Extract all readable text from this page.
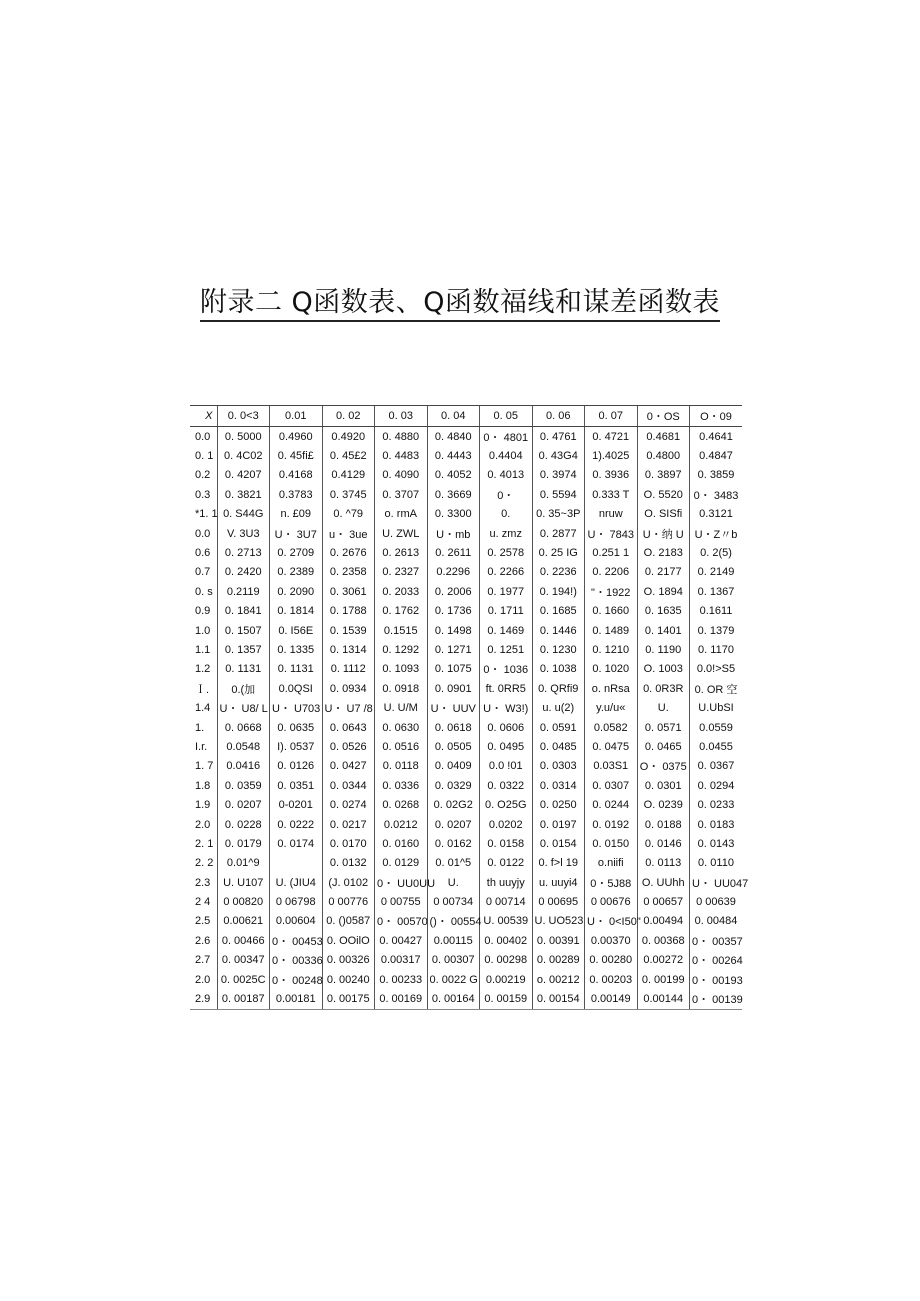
附录二 Q函数表、Q函数福线和谋差函数表
X	0. 0<3	0.01	0. 02	0. 03	0. 04	0. 05	0. 06	0. 07	0・OS	O・09
0.0	0. 5000	0.4960	0.4920	0. 4880	0. 4840	0・ 4801	0. 4761	0. 4721	0.4681	0.4641
0. 1	0. 4C02	0. 45fi£	0. 45£2	0. 4483	0. 4443	0.4404	0. 43G4	1).4025	0.4800	0.4847
0.2	0. 4207	0.4168	0.4129	0. 4090	0. 4052	0. 4013	0. 3974	0. 3936	0. 3897	0. 3859
0.3	0. 3821	0.3783	0. 3745	0. 3707	0. 3669	0・	0. 5594	0.333 T	O. 5520	0・ 3483
*1. 1	0. S44G	n. £09	0. ^79	o. rmA	0. 3300	0.	0. 35~3P	nruw	O. SISfi	0.3121
0.0	V. 3U3	U・ 3U7	u・ 3ue	U. ZWL	U・mb	u. zmz	0. 2877	U・ 7843	U・纳 U	U・Z〃b
0.6	0. 2713	0. 2709	0. 2676	0. 2613	0. 2611	0. 2578	0. 25 IG	0.251 1	O. 2183	0. 2(5)
0.7	0. 2420	0. 2389	0. 2358	0. 2327	0.2296	0. 2266	0. 2236	0. 2206	0. 2177	0. 2149
0. s	0.2119	0. 2090	0. 3061	0. 2033	0. 2006	0. 1977	0. 194!)	"・1922	O. 1894	0. 1367
0.9	0. 1841	0. 1814	0. 1788	0. 1762	0. 1736	0. 1711	0. 1685	0. 1660	0. 1635	0.1611
1.0	0. 1507	0. I56E	0. 1539	0.1515	0. 1498	0. 1469	0. 1446	0. 1489	0. 1401	0. 1379
1.1	0. 1357	0. 1335	0. 1314	0. 1292	0. 1271	0. 1251	0. 1230	0. 1210	0. 1190	0. 1170
1.2	0. 1131	0. 1131	0. 1112	0. 1093	0. 1075	0・ 1036	0. 1038	0. 1020	O. 1003	0.0!>S5
Ｉ.	0.(加	0.0QSI	0. 0934	0. 0918	0. 0901	ft. 0RR5	0. QRfi9	o. nRsa	0. 0R3R	0. OR 空
1.4	U・ U8/ L	U・ U703	U・ U7 /8	U. U/M	U・ UUV	U・ W3!)	u. u(2)	y.u/u«	U.	U.UbSI
1.	0. 0668	0. 0635	0. 0643	0. 0630	0. 0618	0. 0606	0. 0591	0.0582	0. 0571	0.0559
I.r.	0.0548	I). 0537	0. 0526	0. 0516	0. 0505	0. 0495	0. 0485	0. 0475	0. 0465	0.0455
1. 7	0.0416	0. 0126	0. 0427	0. 0118	0. 0409	0.0 !01	0. 0303	0.03S1	O・ 0375	0. 0367
1.8	0. 0359	0. 0351	0. 0344	0. 0336	0. 0329	0. 0322	0. 0314	0. 0307	0. 0301	0. 0294
1.9	0. 0207	0-0201	0. 0274	0. 0268	0. 02G2	0. O25G	0. 0250	0. 0244	O. 0239	0. 0233
2.0	0. 0228	0. 0222	0. 0217	0.0212	0. 0207	0.0202	0. 0197	0. 0192	0. 0188	0. 0183
2. 1	0. 0179	0. 0174	0. 0170	0. 0160	0. 0162	0. 0158	0. 0154	0. 0150	0. 0146	0. 0143
2. 2	0.01^9		0. 0132	0. 0129	0. 01^5	0. 0122	0. f>l 19	o.niifi	0. 0113	0. 0110
2.3	U. U107	U. (JIU4	(J. 0102	0・ UU0UU	U.	th uuyjy	u. uuyi4	0・5J88	O. UUhh	U・ UU047
2 4	0 00820	0 06798	0 00776	0 00755	0 00734	0 00714	0 00695	0 00676	0 00657	0 00639
2.5	0.00621	0.00604	0. ()0587	0・ 00570	()・ 00554	U. 00539	U. UO523	U・ 0<I50"	0.00494	0. 00484
2.6	0. 00466	0・ 00453	0. OOilO	0. 00427	0.00115	0. 00402	0. 00391	0.00370	0. 00368	0・ 00357
2.7	0. 00347	0・ 00336	0. 00326	0.00317	0. 00307	0. 00298	0. 00289	0. 00280	0.00272	0・ 00264
2.0	0. 0025C	0・ 00248	0. 00240	0. 00233	0. 0022 G	0.00219	o. 00212	0. 00203	0. 00199	0・ 00193
2.9	0. 00187	0.00181	0. 00175	0. 00169	0. 00164	0. 00159	0. 00154	0.00149	0.00144	0・ 00139
